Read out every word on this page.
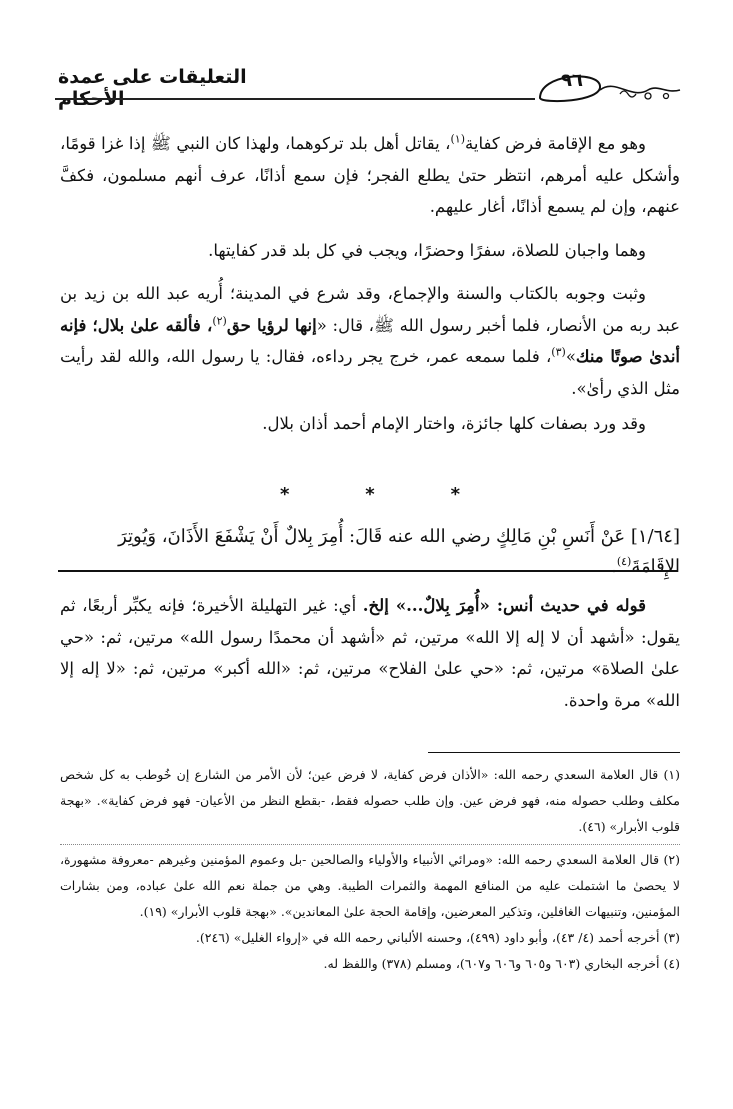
التعليقات على عمدة الأحكام
٩٦

وهو مع الإقامة فرض كفاية$^{(١)}$، يقاتل أهل بلد تركوهما، ولهذا كان النبي ﷺ إذا غزا قومًا، وأشكل عليه أمرهم، انتظر حتىٰ يطلع الفجر؛ فإن سمع أذانًا، عرف أنهم مسلمون، فكفَّ عنهم، وإن لم يسمع أذانًا، أغار عليهم.

وهما واجبان للصلاة، سفرًا وحضرًا، ويجب في كل بلد قدر كفايتها.

وثبت وجوبه بالكتاب والسنة والإجماع، وقد شرع في المدينة؛ أُريه عبد الله بن زيد بن عبد ربه من الأنصار، فلما أخبر رسول الله ﷺ، قال: «إنها لرؤيا حق$^{(٢)}$، فألقه علىٰ بلال؛ فإنه أندىٰ صوتًا منك»$^{(٣)}$، فلما سمعه عمر، خرج يجر رداءه، فقال: يا رسول الله، والله لقد رأيت مثل الذي رأىٰ».

وقد ورد بصفات كلها جائزة، واختار الإمام أحمد أذان بلال.

*	*	*
[١/٦٤] عَنْ أَنَسِ بْنِ مَالِكٍ رضي الله عنه قَالَ: أُمِرَ بِلالٌ أَنْ يَشْفَعَ الأَذَانَ، وَيُوتِرَ الإِقَامَةَ$^{(٤)}$.

قوله في حديث أنس: «أُمِرَ بِلالٌ...» إلخ. أي: غير التهليلة الأخيرة؛ فإنه يكبِّر أربعًا، ثم يقول: «أشهد أن لا إله إلا الله» مرتين، ثم «أشهد أن محمدًا رسول الله» مرتين، ثم: «حي علىٰ الصلاة» مرتين، ثم: «حي علىٰ الفلاح» مرتين، ثم: «الله أكبر» مرتين، ثم: «لا إله إلا الله» مرة واحدة.

(١) قال العلامة السعدي رحمه الله: «الأذان فرض كفاية، لا فرض عين؛ لأن الأمر من الشارع إن خُوطب به كل شخص مكلف وطلب حصوله منه، فهو فرض عين. وإن طلب حصوله فقط، -بقطع النظر من الأعيان- فهو فرض كفاية». «بهجة قلوب الأبرار» (٤٦).
(٢) قال العلامة السعدي رحمه الله: «ومرائي الأنبياء والأولياء والصالحين -بل وعموم المؤمنين وغيرهم -معروفة مشهورة، لا يحصىٰ ما اشتملت عليه من المنافع المهمة والثمرات الطيبة. وهي من جملة نعم الله علىٰ عباده، ومن بشارات المؤمنين، وتنبيهات الغافلين، وتذكير المعرضين، وإقامة الحجة علىٰ المعاندين». «بهجة قلوب الأبرار» (١٩).
(٣) أخرجه أحمد (٤/ ٤٣)، وأبو داود (٤٩٩)، وحسنه الألباني رحمه الله في «إرواء الغليل» (٢٤٦).
(٤) أخرجه البخاري (٦٠٣ و٦٠٥ و٦٠٦ و٦٠٧)، ومسلم (٣٧٨) واللفظ له.
